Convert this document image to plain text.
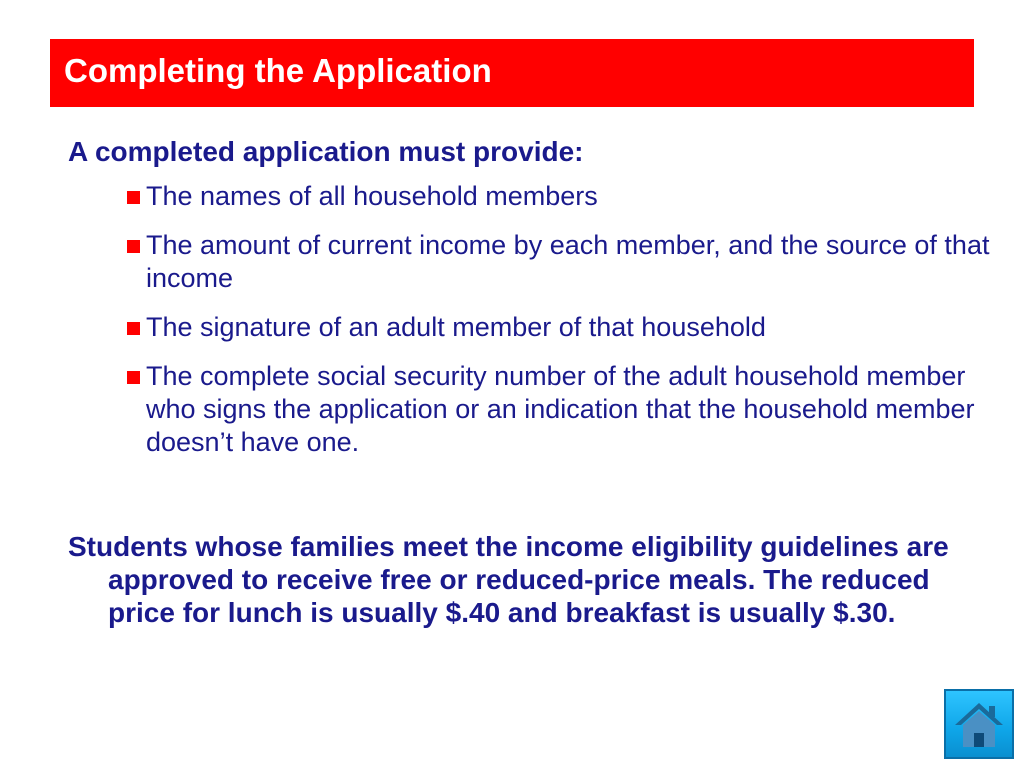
Completing the Application
A completed application must provide:
The names of all household members
The amount of current income by each member, and the source of that income
The signature of an adult member of that household
The complete social security number of the adult household member who signs the application or an indication that the household member doesn’t have one.
Students whose families meet the income eligibility guidelines are approved to receive free or reduced-price meals. The reduced price for lunch is usually $.40 and breakfast is usually $.30.
